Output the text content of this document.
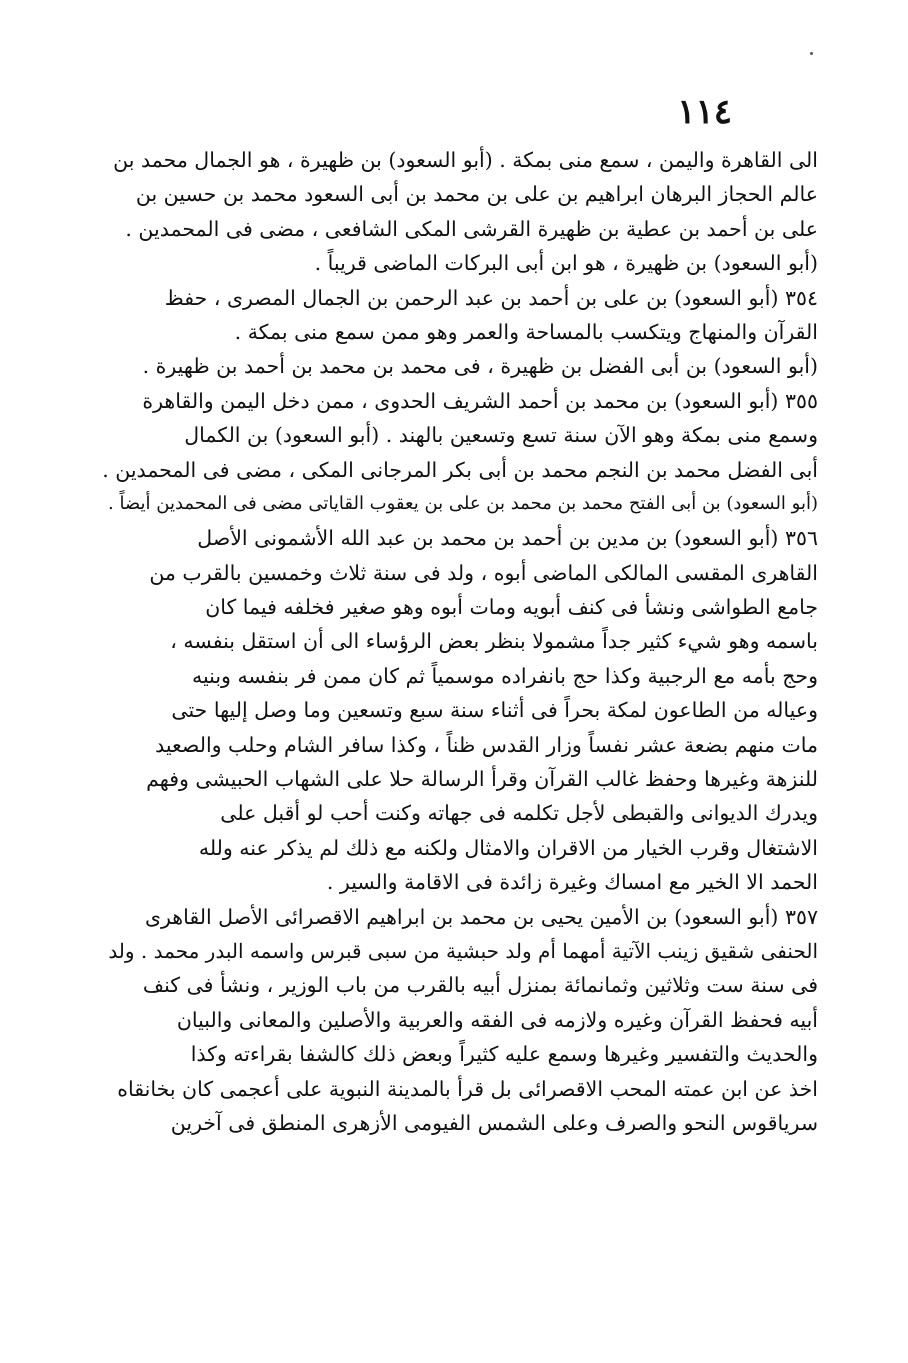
١١٤
الى القاهرة واليمن ، سمع منى بمكة . (أبو السعود) بن ظهيرة ، هو الجمال محمد بن
عالم الحجاز البرهان ابراهيم بن على بن محمد بن أبى السعود محمد بن حسين بن
على بن أحمد بن عطية بن ظهيرة القرشى المكى الشافعى ، مضى فى المحمدين .
(أبو السعود) بن ظهيرة ، هو ابن أبى البركات الماضى قريباً .
٣٥٤ (أبو السعود) بن على بن أحمد بن عبد الرحمن بن الجمال المصرى ، حفظ
القرآن والمنهاج ويتكسب بالمساحة والعمر وهو ممن سمع منى بمكة .
(أبو السعود) بن أبى الفضل بن ظهيرة ، فى محمد بن محمد بن أحمد بن ظهيرة .
٣٥٥ (أبو السعود) بن محمد بن أحمد الشريف الحدوى ، ممن دخل اليمن والقاهرة
وسمع منى بمكة وهو الآن سنة تسع وتسعين بالهند . (أبو السعود) بن الكمال
أبى الفضل محمد بن النجم محمد بن أبى بكر المرجانى المكى ، مضى فى المحمدين .
(أبو السعود) بن أبى الفتح محمد بن محمد بن على بن يعقوب القاياتى مضى فى المحمدين أيضاً .
٣٥٦ (أبو السعود) بن مدين بن أحمد بن محمد بن عبد الله الأشمونى الأصل
القاهرى المقسى المالكى الماضى أبوه ، ولد فى سنة ثلاث وخمسين بالقرب من
جامع الطواشى ونشأ فى كنف أبويه ومات أبوه وهو صغير فخلفه فيما كان
باسمه وهو شيء كثير جداً مشمولا بنظر بعض الرؤساء الى أن استقل بنفسه ،
وحج بأمه مع الرجبية وكذا حج بانفراده موسمياً ثم كان ممن فر بنفسه وبنيه
وعياله من الطاعون لمكة بحراً فى أثناء سنة سبع وتسعين وما وصل إليها حتى
مات منهم بضعة عشر نفساً وزار القدس ظناً ، وكذا سافر الشام وحلب والصعيد
للنزهة وغيرها وحفظ غالب القرآن وقرأ الرسالة حلا على الشهاب الحبيشى وفهم
ويدرك الديوانى والقبطى لأجل تكلمه فى جهاته وكنت أحب لو أقبل على
الاشتغال وقرب الخيار من الاقران والامثال ولكنه مع ذلك لم يذكر عنه ولله
الحمد الا الخير مع امساك وغيرة زائدة فى الاقامة والسير .
٣٥٧ (أبو السعود) بن الأمين يحيى بن محمد بن ابراهيم الاقصرائى الأصل القاهرى
الحنفى شقيق زينب الآتية أمهما أم ولد حبشية من سبى قبرس واسمه البدر محمد . ولد
فى سنة ست وثلاثين وثمانمائة بمنزل أبيه بالقرب من باب الوزير ، ونشأ فى كنف
أبيه فحفظ القرآن وغيره ولازمه فى الفقه والعربية والأصلين والمعانى والبيان
والحديث والتفسير وغيرها وسمع عليه كثيراً وبعض ذلك كالشفا بقراءته وكذا
اخذ عن ابن عمته المحب الاقصرائى بل قرأ بالمدينة النبوية على أعجمى كان بخانقاه
سرياقوس النحو والصرف وعلى الشمس الفيومى الأزهرى المنطق فى آخرين
